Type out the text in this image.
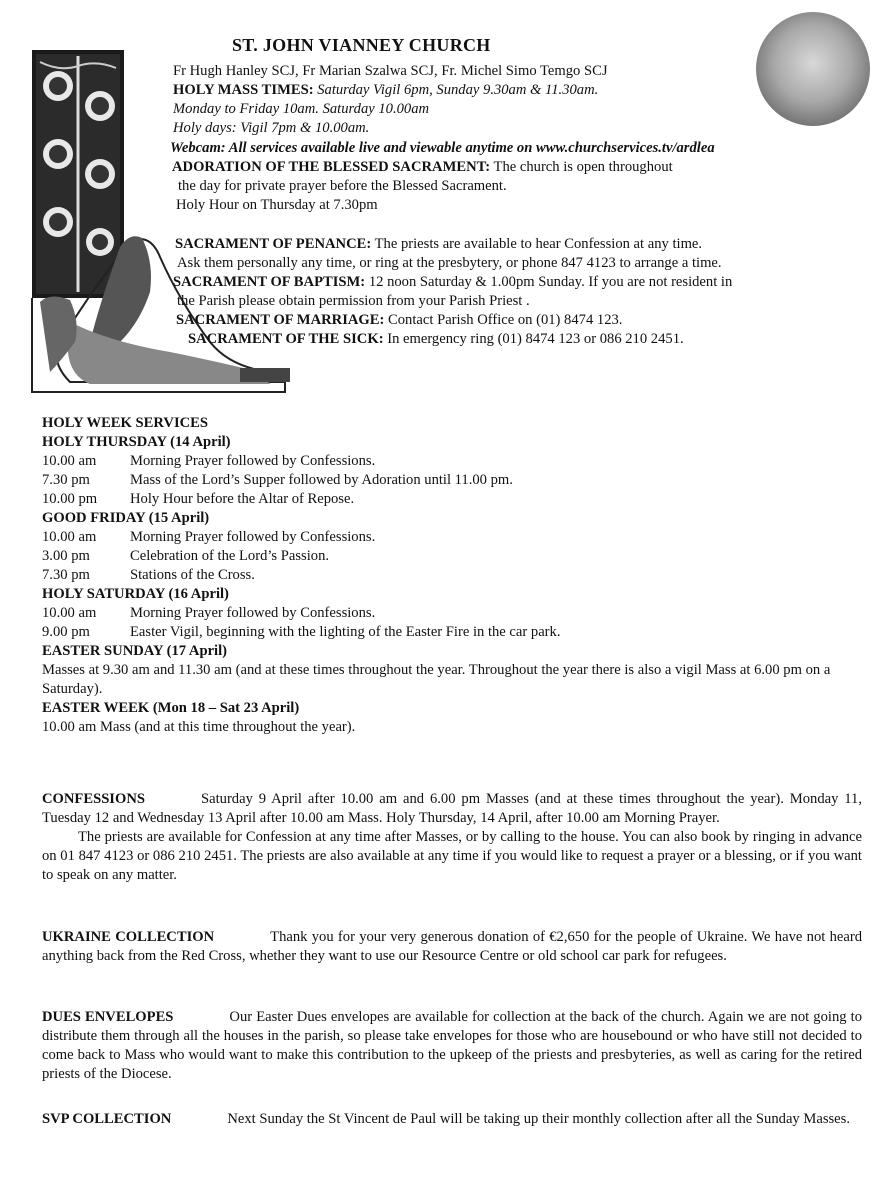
ST. JOHN VIANNEY CHURCH
Fr Hugh Hanley SCJ, Fr Marian Szalwa SCJ, Fr. Michel Simo Temgo SCJ
HOLY MASS TIMES: Saturday Vigil 6pm, Sunday 9.30am & 11.30am.
Monday to Friday 10am. Saturday 10.00am
Holy days: Vigil 7pm & 10.00am.
Webcam: All services available live and viewable anytime on www.churchservices.tv/ardlea
ADORATION OF THE BLESSED SACRAMENT: The church is open throughout
the day for private prayer before the Blessed Sacrament.
Holy Hour on Thursday at 7.30pm
SACRAMENT OF PENANCE: The priests are available to hear Confession at any time.
Ask them personally any time, or ring at the presbytery, or phone 847 4123 to arrange a time.
SACRAMENT OF BAPTISM: 12 noon Saturday & 1.00pm Sunday. If you are not resident in
the Parish please obtain permission from your Parish Priest .
SACRAMENT OF MARRIAGE: Contact Parish Office on (01) 8474 123.
SACRAMENT OF THE SICK: In emergency ring (01) 8474 123 or 086 210 2451.
HOLY WEEK SERVICES
HOLY THURSDAY (14 April)
10.00 am	Morning Prayer followed by Confessions.
7.30 pm	Mass of the Lord’s Supper followed by Adoration until 11.00 pm.
10.00 pm	Holy Hour before the Altar of Repose.
GOOD FRIDAY (15 April)
10.00 am	Morning Prayer followed by Confessions.
3.00 pm	Celebration of the Lord’s Passion.
7.30 pm	Stations of the Cross.
HOLY SATURDAY (16 April)
10.00 am	Morning Prayer followed by Confessions.
9.00 pm	Easter Vigil, beginning with the lighting of the Easter Fire in the car park.
EASTER SUNDAY (17 April)
Masses at 9.30 am and 11.30 am (and at these times throughout the year. Throughout the year there is also a vigil Mass at 6.00 pm on a Saturday).
EASTER WEEK (Mon 18 – Sat 23 April)
10.00 am Mass (and at this time throughout the year).
CONFESSIONS	Saturday 9 April after 10.00 am and 6.00 pm Masses (and at these times throughout the year). Monday 11, Tuesday 12 and Wednesday 13 April after 10.00 am Mass. Holy Thursday, 14 April, after 10.00 am Morning Prayer.
The priests are available for Confession at any time after Masses, or by calling to the house. You can also book by ringing in advance on 01 847 4123 or 086 210 2451. The priests are also available at any time if you would like to request a prayer or a blessing, or if you want to speak on any matter.
UKRAINE COLLECTION	Thank you for your very generous donation of €2,650 for the people of Ukraine. We have not heard anything back from the Red Cross, whether they want to use our Resource Centre or old school car park for refugees.
DUES ENVELOPES	Our Easter Dues envelopes are available for collection at the back of the church. Again we are not going to distribute them through all the houses in the parish, so please take envelopes for those who are housebound or who have still not decided to come back to Mass who would want to make this contribution to the upkeep of the priests and presbyteries, as well as caring for the retired priests of the Diocese.
SVP COLLECTION	Next Sunday the St Vincent de Paul will be taking up their monthly collection after all the Sunday Masses.
